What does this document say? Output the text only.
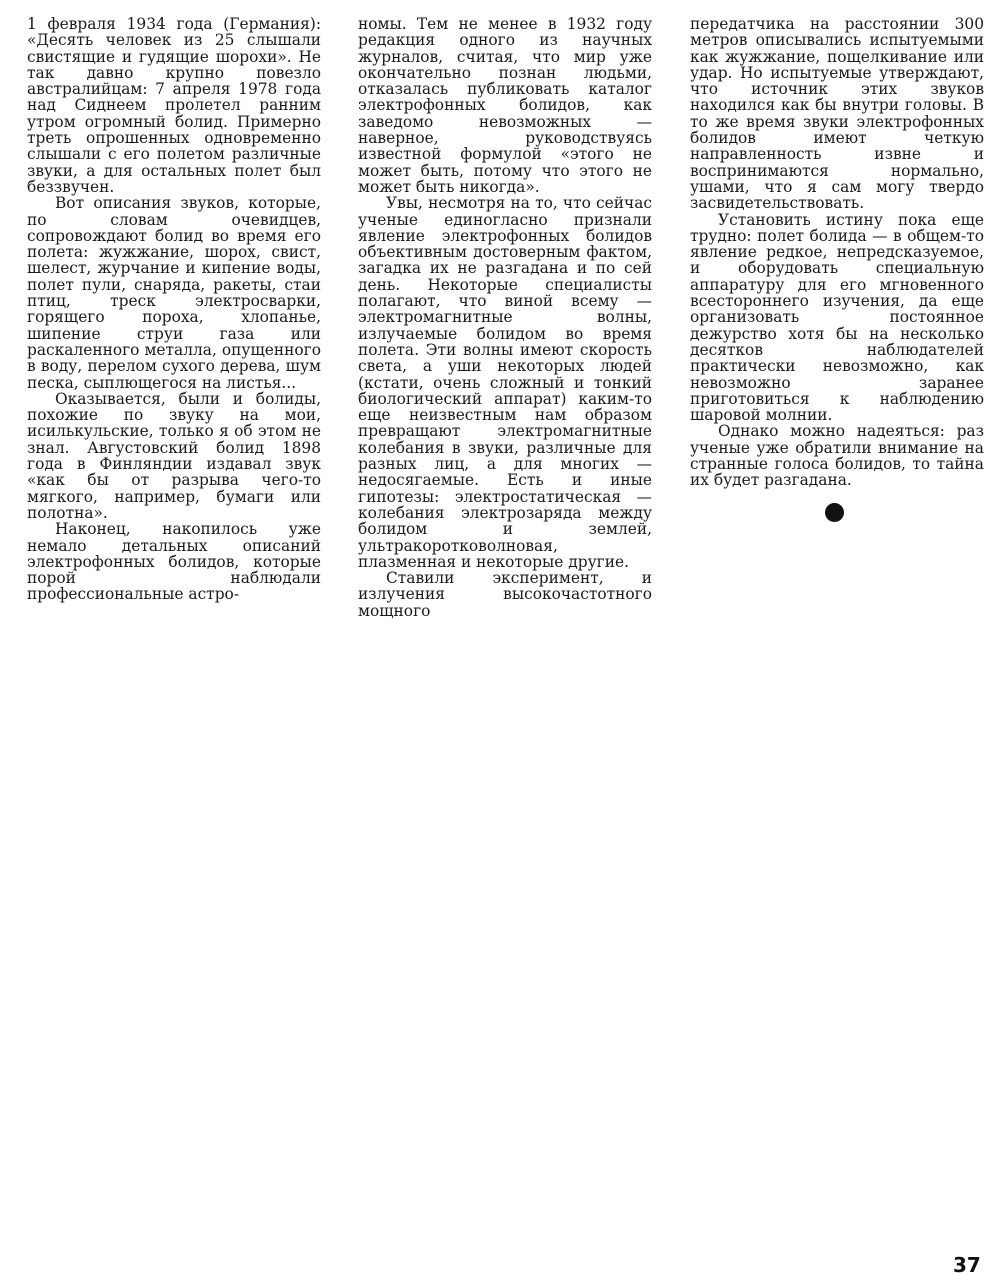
1 февраля 1934 года (Германия): «Десять человек из 25 слышали свистящие и гудящие шорохи». Не так давно крупно повезло австралийцам: 7 апреля 1978 года над Сиднеем пролетел ранним утром огромный болид. Примерно треть опрошенных одновременно слышали с его полетом различные звуки, а для остальных полет был беззвучен.

Вот описания звуков, которые, по словам очевидцев, сопровождают болид во время его полета: жужжание, шорох, свист, шелест, журчание и кипение воды, полет пули, снаряда, ракеты, стаи птиц, треск электросварки, горящего пороха, хлопанье, шипение струи газа или раскаленного металла, опущенного в воду, перелом сухого дерева, шум песка, сыплющегося на листья...

Оказывается, были и болиды, похожие по звуку на мои, исилькульские, только я об этом не знал. Августовский болид 1898 года в Финляндии издавал звук «как бы от разрыва чего-то мягкого, например, бумаги или полотна».

Наконец, накопилось уже немало детальных описаний электрофонных болидов, которые порой наблюдали профессиональные астро-

номы. Тем не менее в 1932 году редакция одного из научных журналов, считая, что мир уже окончательно познан людьми, отказалась публиковать каталог электрофонных болидов, как заведомо невозможных — наверное, руководствуясь известной формулой «этого не может быть, потому что этого не может быть никогда».

Увы, несмотря на то, что сейчас ученые единогласно признали явление электрофонных болидов объективным достоверным фактом, загадка их не разгадана и по сей день. Некоторые специалисты полагают, что виной всему — электромагнитные волны, излучаемые болидом во время полета. Эти волны имеют скорость света, а уши некоторых людей (кстати, очень сложный и тонкий биологический аппарат) каким-то еще неизвестным нам образом превращают электромагнитные колебания в звуки, различные для разных лиц, а для многих — недосягаемые. Есть и иные гипотезы: электростатическая — колебания электрозаряда между болидом и землей, ультракоротковолновая, плазменная и некоторые другие.

Ставили эксперимент, и излучения высокочастотного мощного

передатчика на расстоянии 300 метров описывались испытуемыми как жужжание, пощелкивание или удар. Но испытуемые утверждают, что источник этих звуков находился как бы внутри головы. В то же время звуки электрофонных болидов имеют четкую направленность извне и воспринимаются нормально, ушами, что я сам могу твердо засвидетельствовать.

Установить истину пока еще трудно: полет болида — в общем-то явление редкое, непредсказуемое, и оборудовать специальную аппаратуру для его мгновенного всестороннего изучения, да еще организовать постоянное дежурство хотя бы на несколько десятков наблюдателей практически невозможно, как невозможно заранее приготовиться к наблюдению шаровой молнии.

Однако можно надеяться: раз ученые уже обратили внимание на странные голоса болидов, то тайна их будет разгадана.

37
